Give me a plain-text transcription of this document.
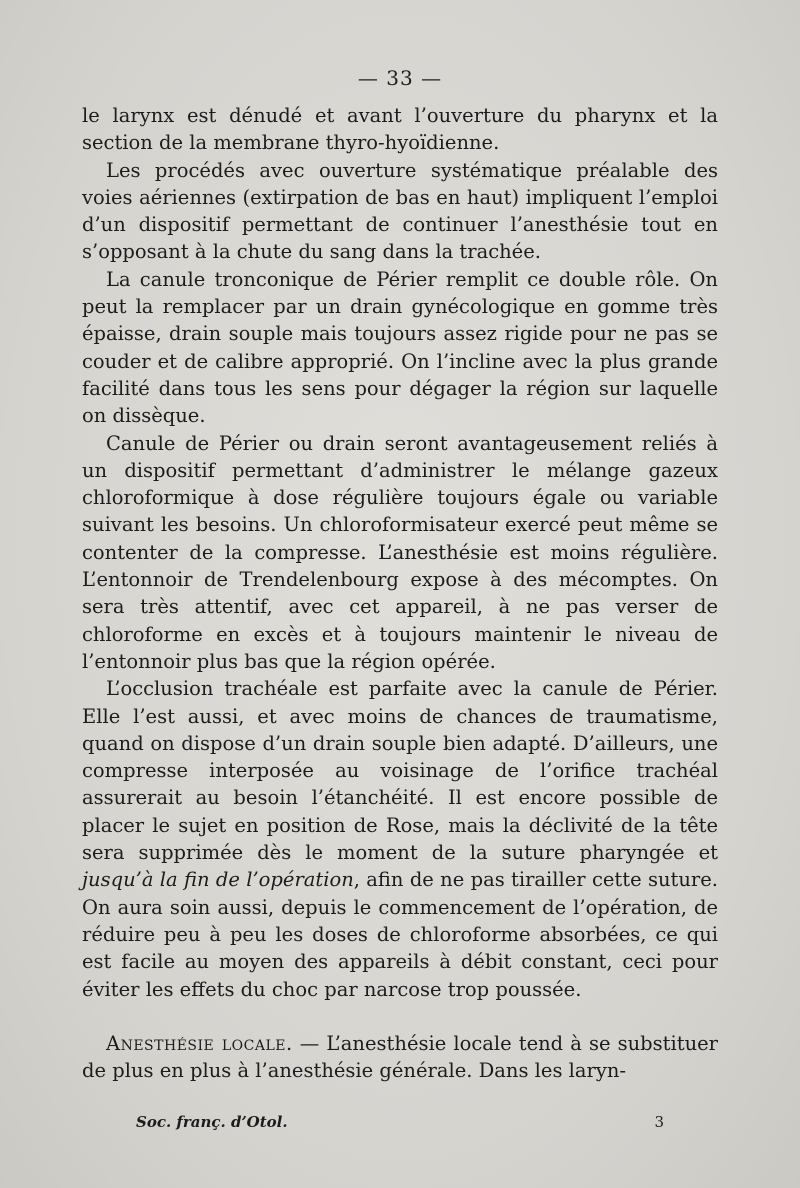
— 33 —

le larynx est dénudé et avant l’ouverture du pharynx et la section de la membrane thyro-hyoïdienne.

Les procédés avec ouverture systématique préalable des voies aériennes (extirpation de bas en haut) impliquent l’emploi d’un dispositif permettant de continuer l’anesthésie tout en s’opposant à la chute du sang dans la trachée.

La canule tronconique de Périer remplit ce double rôle. On peut la remplacer par un drain gynécologique en gomme très épaisse, drain souple mais toujours assez rigide pour ne pas se couder et de calibre approprié. On l’incline avec la plus grande facilité dans tous les sens pour dégager la région sur laquelle on dissèque.

Canule de Périer ou drain seront avantageusement reliés à un dispositif permettant d’administrer le mélange gazeux chloroformique à dose régulière toujours égale ou variable suivant les besoins. Un chloroformisateur exercé peut même se contenter de la compresse. L’anesthésie est moins régulière. L’entonnoir de Trendelenbourg expose à des mécomptes. On sera très attentif, avec cet appareil, à ne pas verser de chloroforme en excès et à toujours maintenir le niveau de l’entonnoir plus bas que la région opérée.

L’occlusion trachéale est parfaite avec la canule de Périer. Elle l’est aussi, et avec moins de chances de traumatisme, quand on dispose d’un drain souple bien adapté. D’ailleurs, une compresse interposée au voisinage de l’orifice trachéal assurerait au besoin l’étanchéité. Il est encore possible de placer le sujet en position de Rose, mais la déclivité de la tête sera supprimée dès le moment de la suture pharyngée et jusqu’à la fin de l’opération, afin de ne pas tirailler cette suture. On aura soin aussi, depuis le commencement de l’opération, de réduire peu à peu les doses de chloroforme absorbées, ce qui est facile au moyen des appareils à débit constant, ceci pour éviter les effets du choc par narcose trop poussée.

Anesthésie locale. — L’anesthésie locale tend à se substituer de plus en plus à l’anesthésie générale. Dans les laryn-

Soc. franç. d’Otol.	3
